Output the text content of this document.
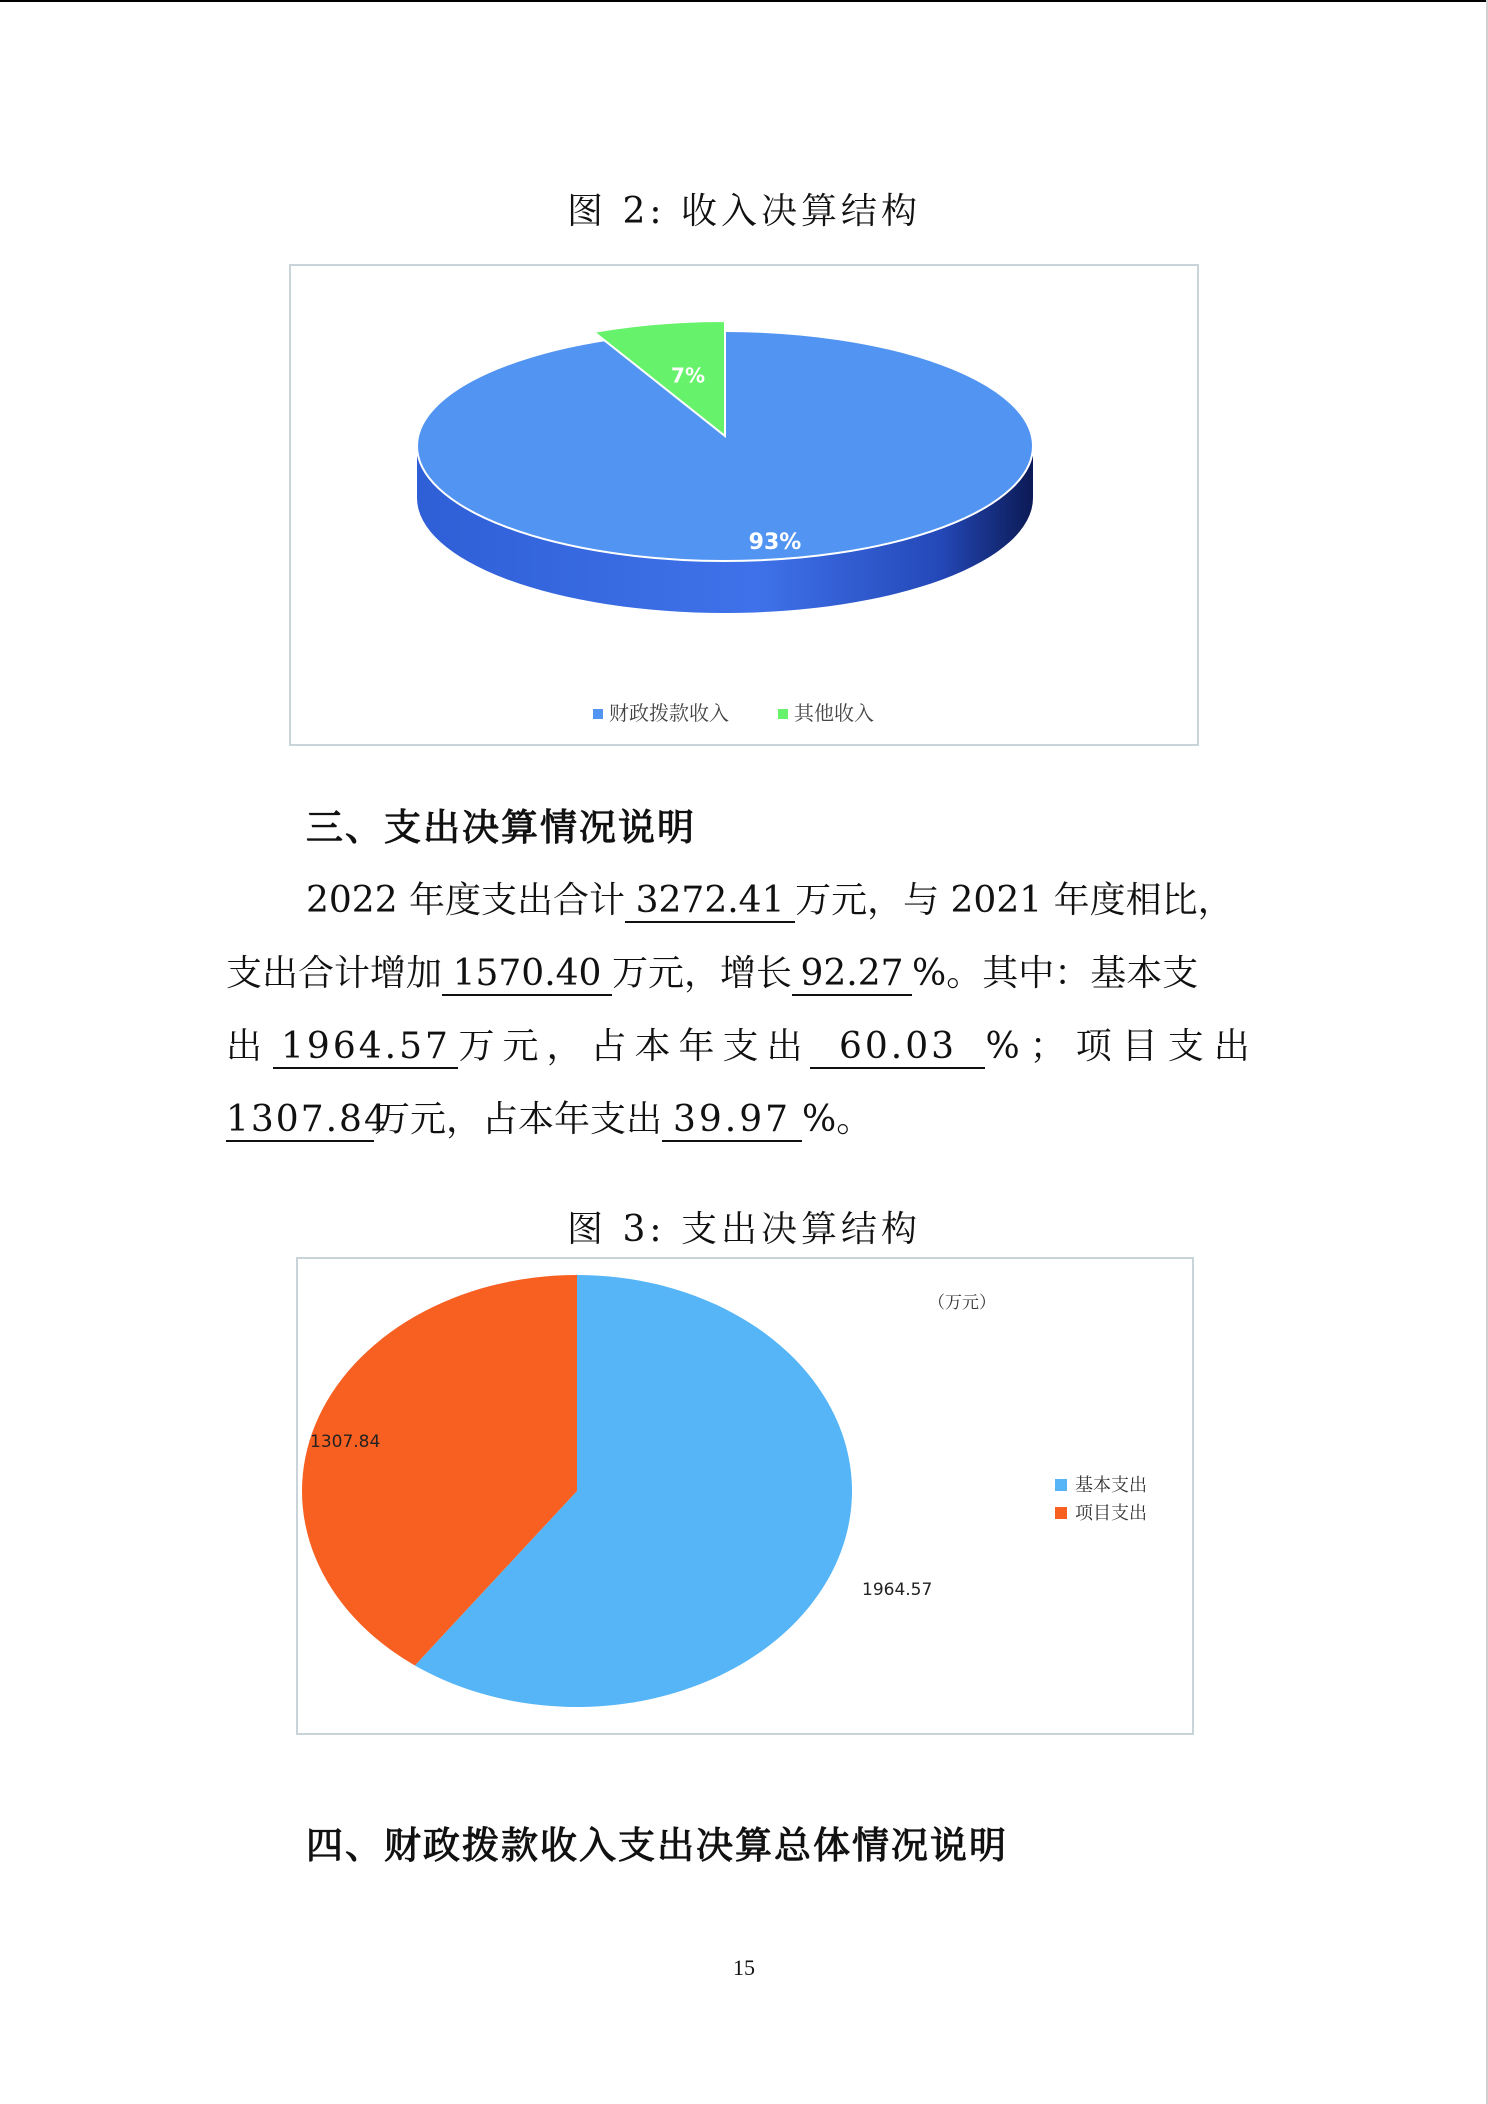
图 2: 收入决算结构
93%
7%
财政拨款收入	其他收入
三、支出决算情况说明
2022 年度支出合计 3272.41 万元，与 2021 年度相比，
支出合计增加 1570.40 万元，增长 92.27 %。其中：基本支
出 1964.57 万元，占本年支出 60.03 %；项目支出
1307.84万元，占本年支出 39.97 %。
图 3: 支出决算结构
（万元）
1964.57
1307.84
基本支出
项目支出
四、财政拨款收入支出决算总体情况说明
15
